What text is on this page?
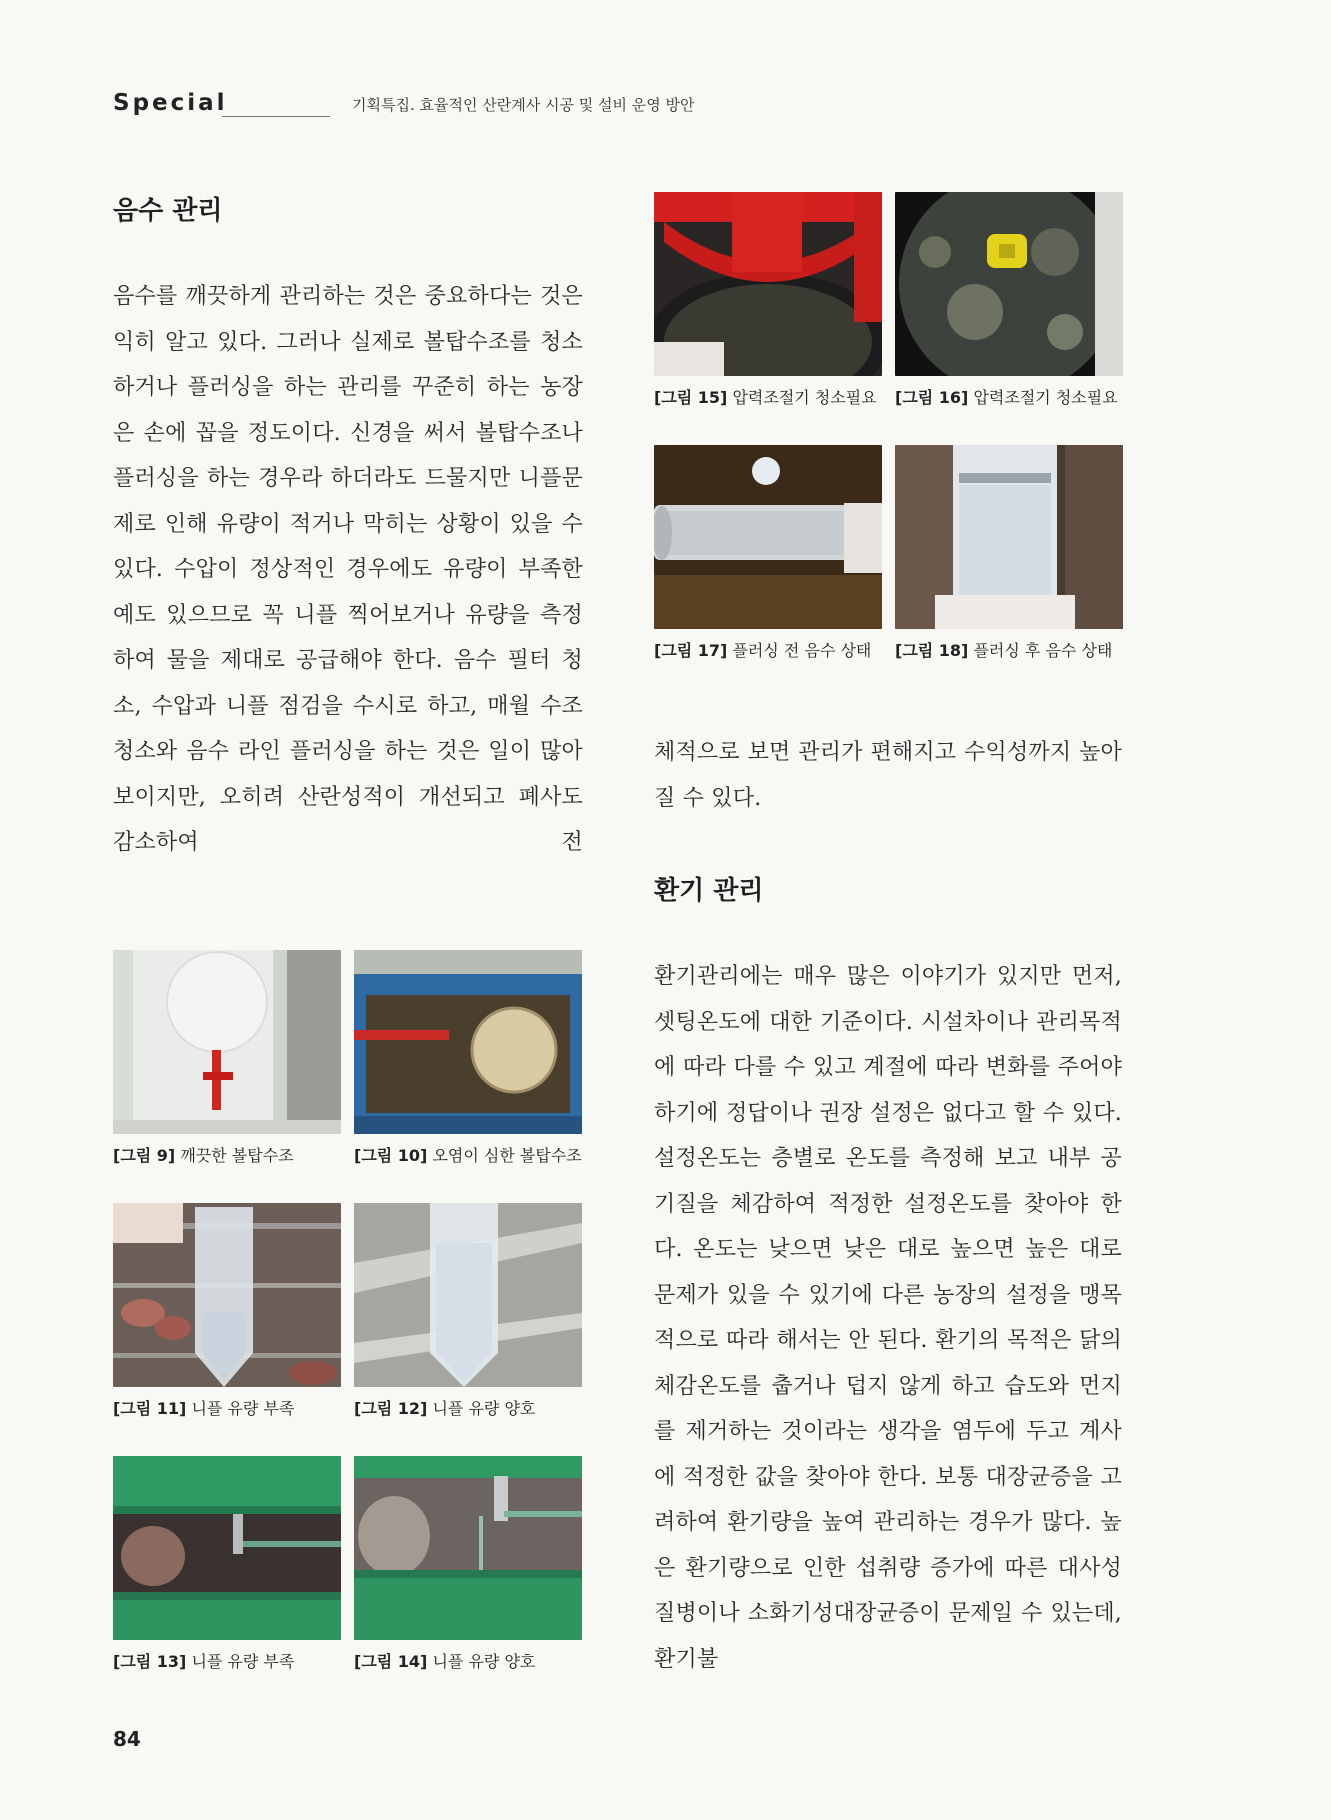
Special	기획특집. 효율적인 산란계사 시공 및 설비 운영 방안
음수 관리

음수를 깨끗하게 관리하는 것은 중요하다는 것은 익히 알고 있다. 그러나 실제로 볼탑수조를 청소하거나 플러싱을 하는 관리를 꾸준히 하는 농장은 손에 꼽을 정도이다. 신경을 써서 볼탑수조나 플러싱을 하는 경우라 하더라도 드물지만 니플문제로 인해 유량이 적거나 막히는 상황이 있을 수 있다. 수압이 정상적인 경우에도 유량이 부족한 예도 있으므로 꼭 니플 찍어보거나 유량을 측정하여 물을 제대로 공급해야 한다. 음수 필터 청소, 수압과 니플 점검을 수시로 하고, 매월 수조 청소와 음수 라인 플러싱을 하는 것은 일이 많아 보이지만, 오히려 산란성적이 개선되고 폐사도 감소하여 전

[그림 9] 깨끗한 볼탑수조	[그림 10] 오염이 심한 볼탑수조
[그림 11] 니플 유량 부족	[그림 12] 니플 유량 양호
[그림 13] 니플 유량 부족	[그림 14] 니플 유량 양호
[그림 15] 압력조절기 청소필요	[그림 16] 압력조절기 청소필요
[그림 17] 플러싱 전 음수 상태	[그림 18] 플러싱 후 음수 상태

체적으로 보면 관리가 편해지고 수익성까지 높아질 수 있다.

환기 관리

환기관리에는 매우 많은 이야기가 있지만 먼저, 셋팅온도에 대한 기준이다. 시설차이나 관리목적에 따라 다를 수 있고 계절에 따라 변화를 주어야 하기에 정답이나 권장 설정은 없다고 할 수 있다. 설정온도는 층별로 온도를 측정해 보고 내부 공기질을 체감하여 적정한 설정온도를 찾아야 한다. 온도는 낮으면 낮은 대로 높으면 높은 대로 문제가 있을 수 있기에 다른 농장의 설정을 맹목적으로 따라 해서는 안 된다. 환기의 목적은 닭의 체감온도를 춥거나 덥지 않게 하고 습도와 먼지를 제거하는 것이라는 생각을 염두에 두고 계사에 적정한 값을 찾아야 한다. 보통 대장균증을 고려하여 환기량을 높여 관리하는 경우가 많다. 높은 환기량으로 인한 섭취량 증가에 따른 대사성질병이나 소화기성대장균증이 문제일 수 있는데, 환기불

84
